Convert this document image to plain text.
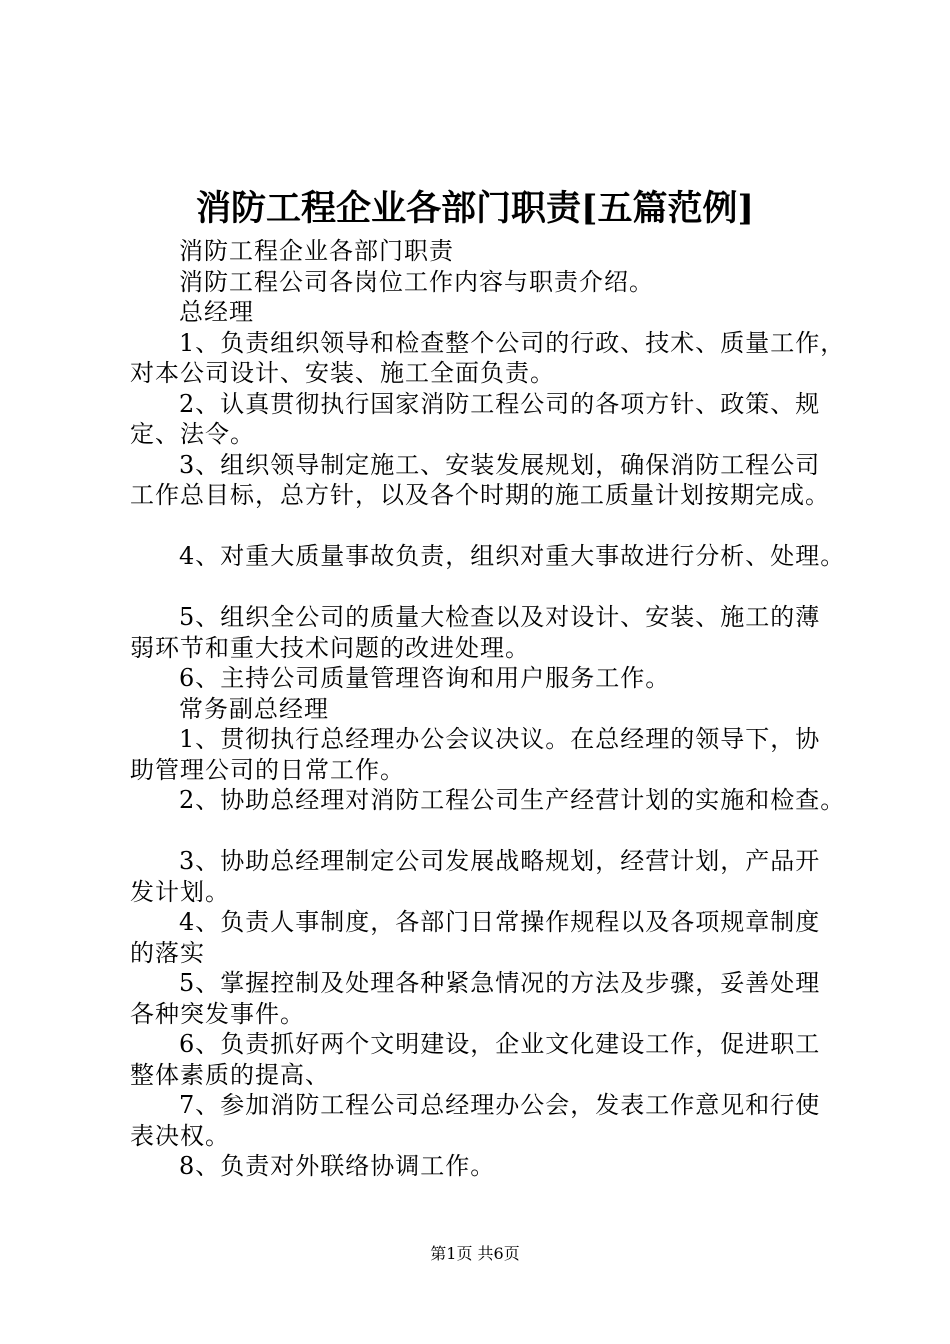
消防工程企业各部门职责[五篇范例]

消防工程企业各部门职责

消防工程公司各岗位工作内容与职责介绍。

总经理

1、负责组织领导和检查整个公司的行政、技术、质量工作，

对本公司设计、安装、施工全面负责。

2、认真贯彻执行国家消防工程公司的各项方针、政策、规

定、法令。

3、组织领导制定施工、安装发展规划，确保消防工程公司

工作总目标，总方针，以及各个时期的施工质量计划按期完成。

4、对重大质量事故负责，组织对重大事故进行分析、处理。

5、组织全公司的质量大检查以及对设计、安装、施工的薄

弱环节和重大技术问题的改进处理。

6、主持公司质量管理咨询和用户服务工作。

常务副总经理

1、贯彻执行总经理办公会议决议。在总经理的领导下，协

助管理公司的日常工作。

2、协助总经理对消防工程公司生产经营计划的实施和检查。

3、协助总经理制定公司发展战略规划，经营计划，产品开

发计划。

4、负责人事制度，各部门日常操作规程以及各项规章制度

的落实

5、掌握控制及处理各种紧急情况的方法及步骤，妥善处理

各种突发事件。

6、负责抓好两个文明建设，企业文化建设工作，促进职工

整体素质的提高、

7、参加消防工程公司总经理办公会，发表工作意见和行使

表决权。

8、负责对外联络协调工作。

第1页 共6页
